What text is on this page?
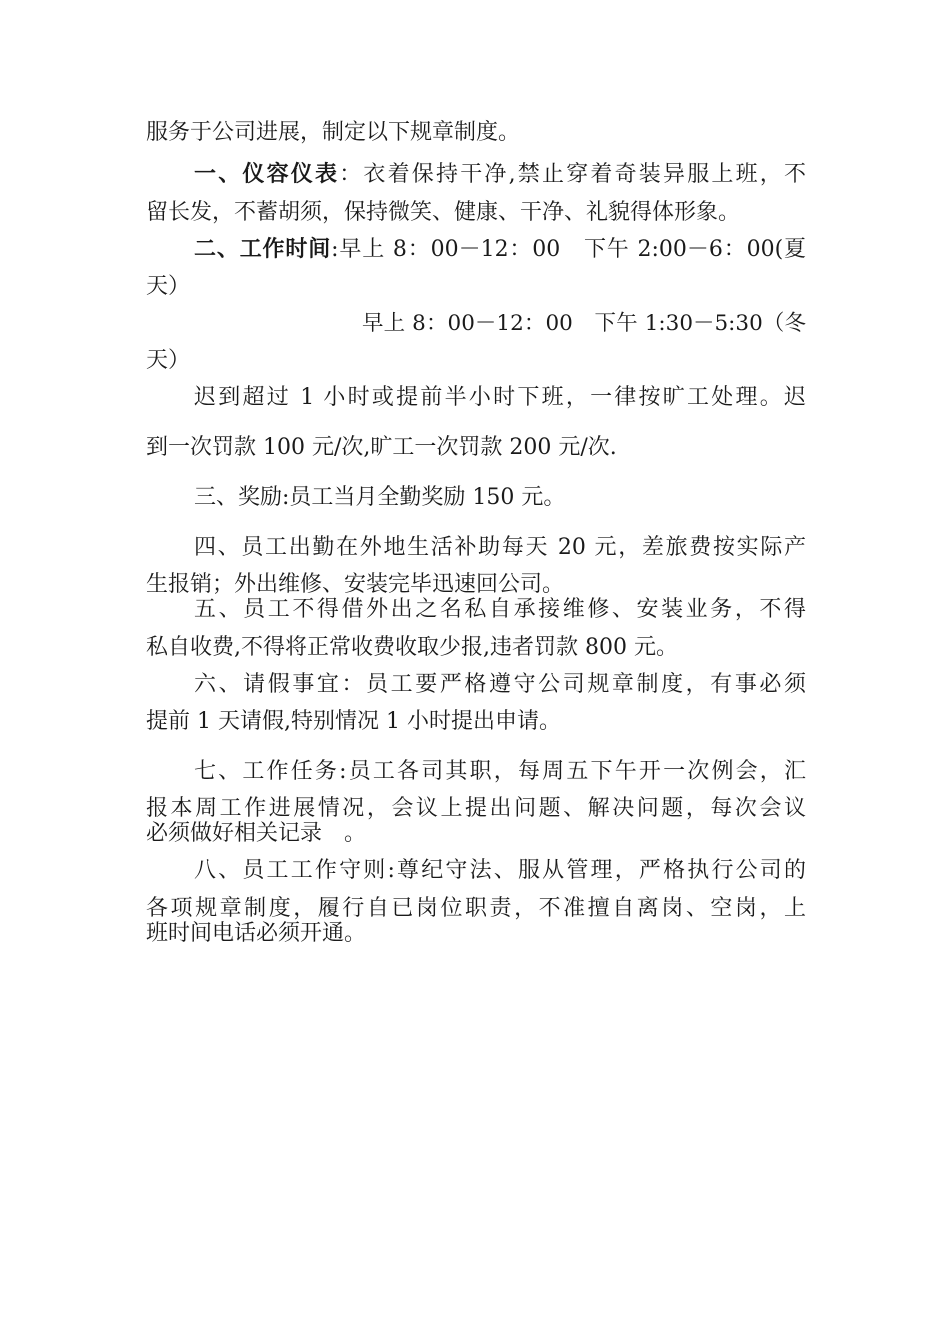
服务于公司进展，制定以下规章制度。
一、仪容仪表：衣着保持干净,禁止穿着奇装异服上班，不
留长发，不蓄胡须，保持微笑、健康、干净、礼貌得体形象。
二、工作时间:早上 8：00－12：00　下午 2:00－6：00(夏
天）
早上 8：00－12：00　下午 1:30－5:30（冬
天）
迟到超过 1 小时或提前半小时下班，一律按旷工处理。迟
到一次罚款 100 元/次,旷工一次罚款 200 元/次.
三、奖励:员工当月全勤奖励 150 元。
四、员工出勤在外地生活补助每天 20 元，差旅费按实际产
生报销；外出维修、安装完毕迅速回公司。
五、员工不得借外出之名私自承接维修、安装业务，不得
私自收费,不得将正常收费收取少报,违者罚款 800 元。
六、请假事宜：员工要严格遵守公司规章制度，有事必须
提前 1 天请假,特别情况 1 小时提出申请。
七、工作任务:员工各司其职，每周五下午开一次例会，汇
报本周工作进展情况，会议上提出问题、解决问题，每次会议
必须做好相关记录　。
八、员工工作守则:尊纪守法、服从管理，严格执行公司的
各项规章制度，履行自已岗位职责，不准擅自离岗、空岗，上
班时间电话必须开通。
